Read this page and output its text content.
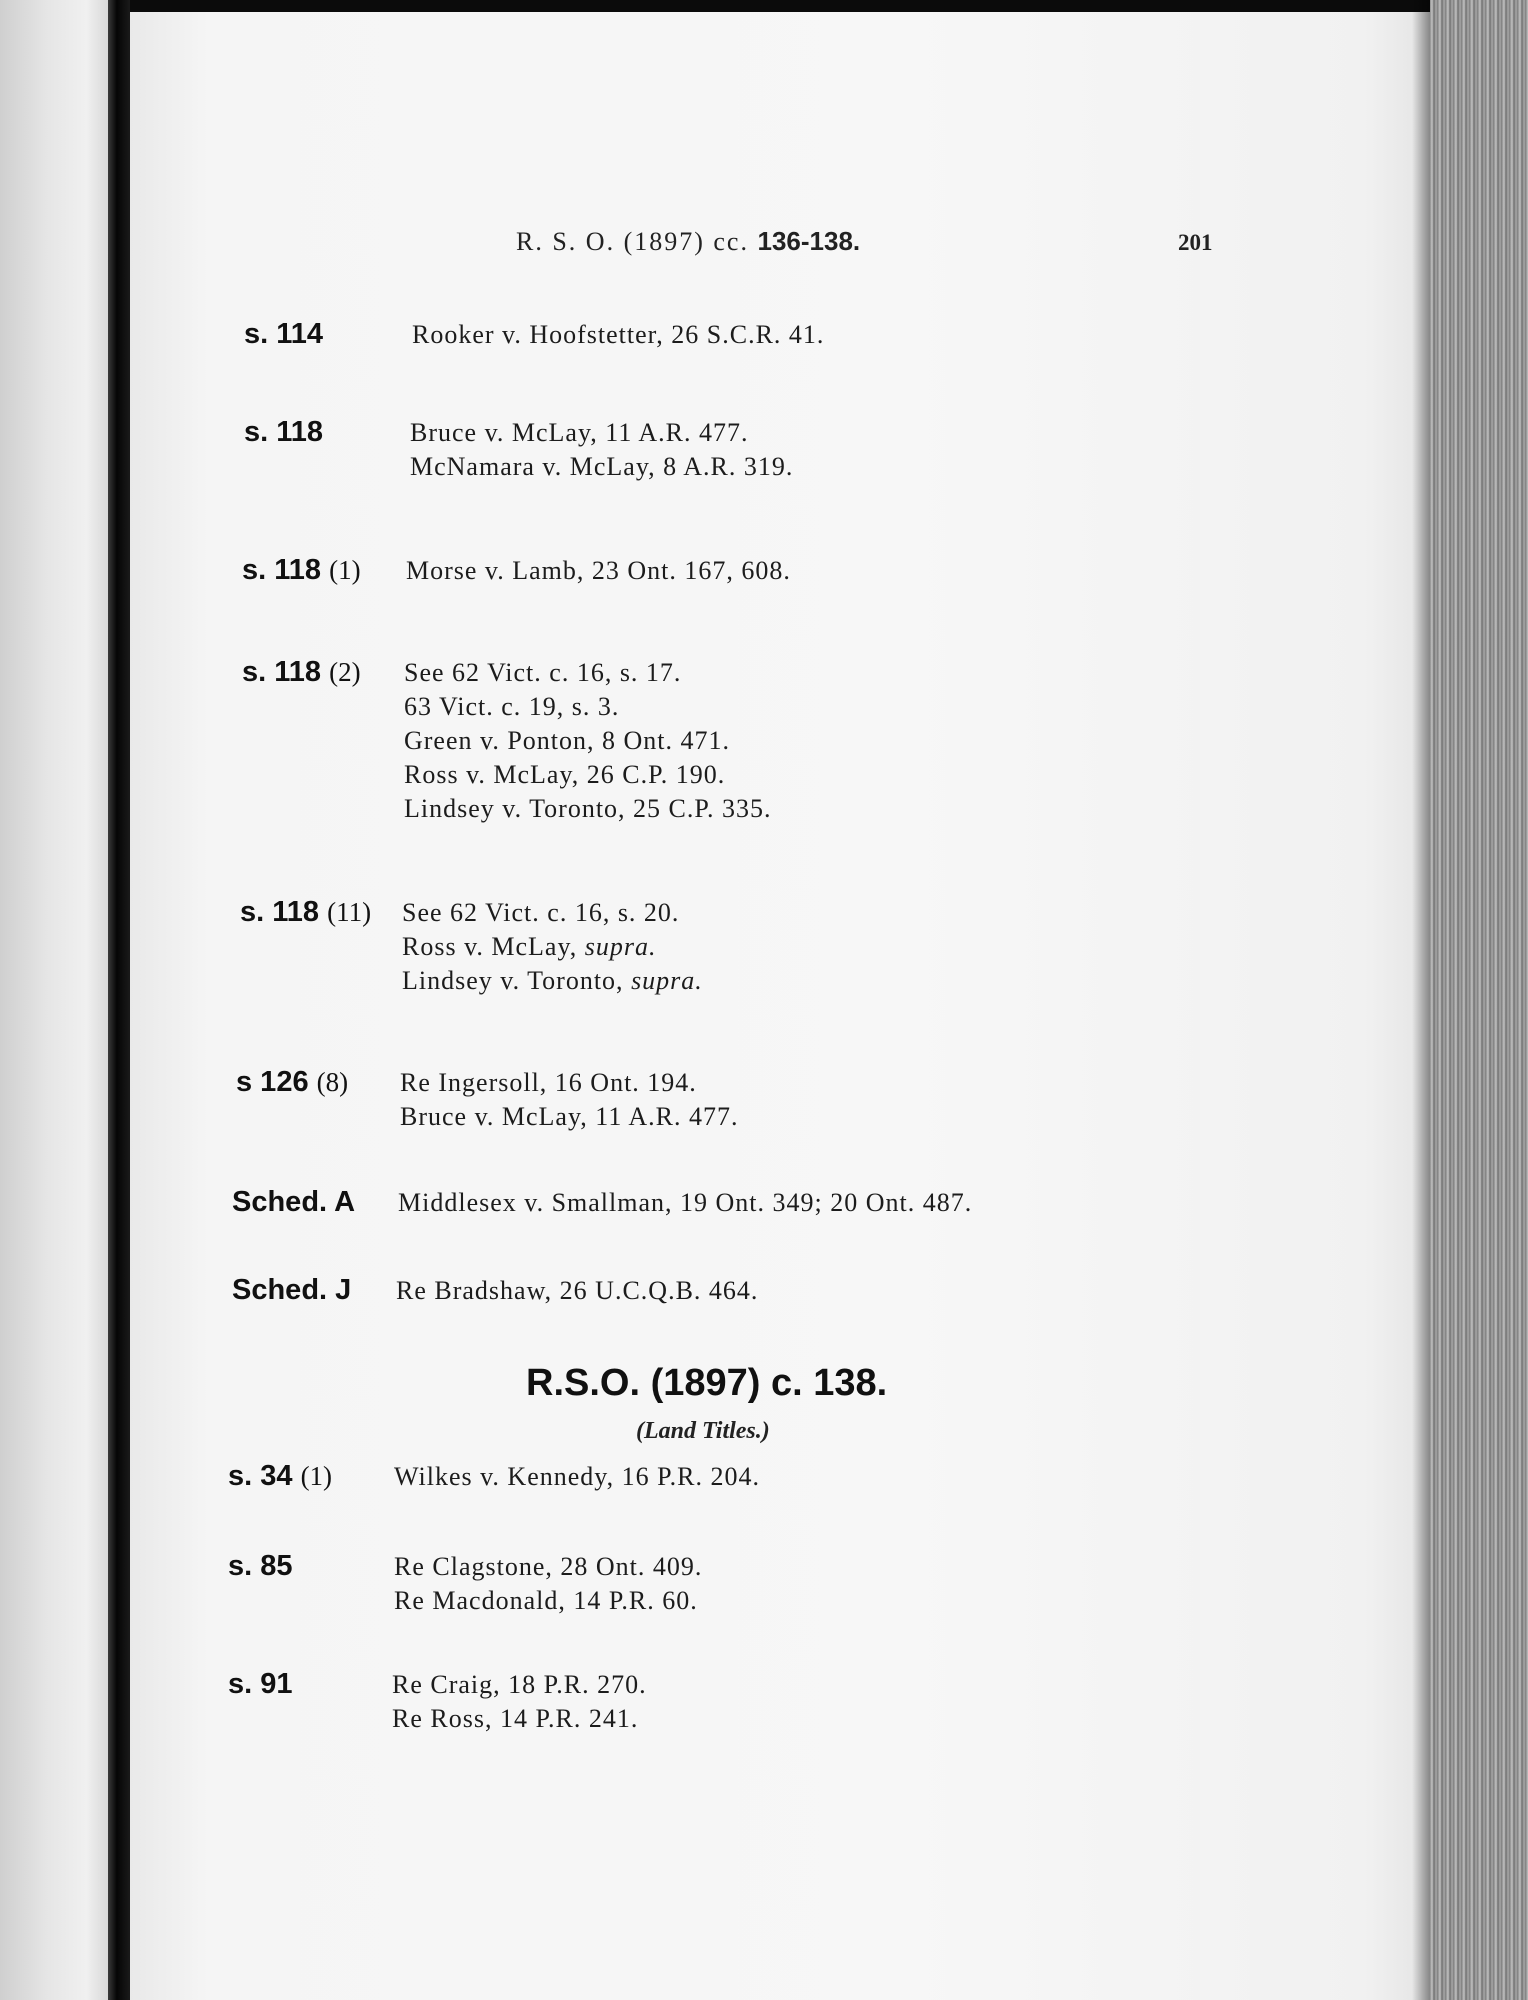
R. S. O. (1897) cc. 136-138.	201
s. 114	Rooker v. Hoofstetter, 26 S.C.R. 41.
s. 118	Bruce v. McLay, 11 A.R. 477.
McNamara v. McLay, 8 A.R. 319.
s. 118 (1) Morse v. Lamb, 23 Ont. 167, 608.
s. 118 (2) See 62 Vict. c. 16, s. 17.
63 Vict. c. 19, s. 3.
Green v. Ponton, 8 Ont. 471.
Ross v. McLay, 26 C.P. 190.
Lindsey v. Toronto, 25 C.P. 335.
s. 118 (11) See 62 Vict. c. 16, s. 20.
Ross v. McLay, supra.
Lindsey v. Toronto, supra.
s 126 (8) Re Ingersoll, 16 Ont. 194.
Bruce v. McLay, 11 A.R. 477.
Sched. A Middlesex v. Smallman, 19 Ont. 349; 20 Ont. 487.
Sched. J Re Bradshaw, 26 U.C.Q.B. 464.
R.S.O. (1897) c. 138.
(Land Titles.)
s. 34 (1) Wilkes v. Kennedy, 16 P.R. 204.
s. 85	Re Clagstone, 28 Ont. 409.
Re Macdonald, 14 P.R. 60.
s. 91	Re Craig, 18 P.R. 270.
Re Ross, 14 P.R. 241.
